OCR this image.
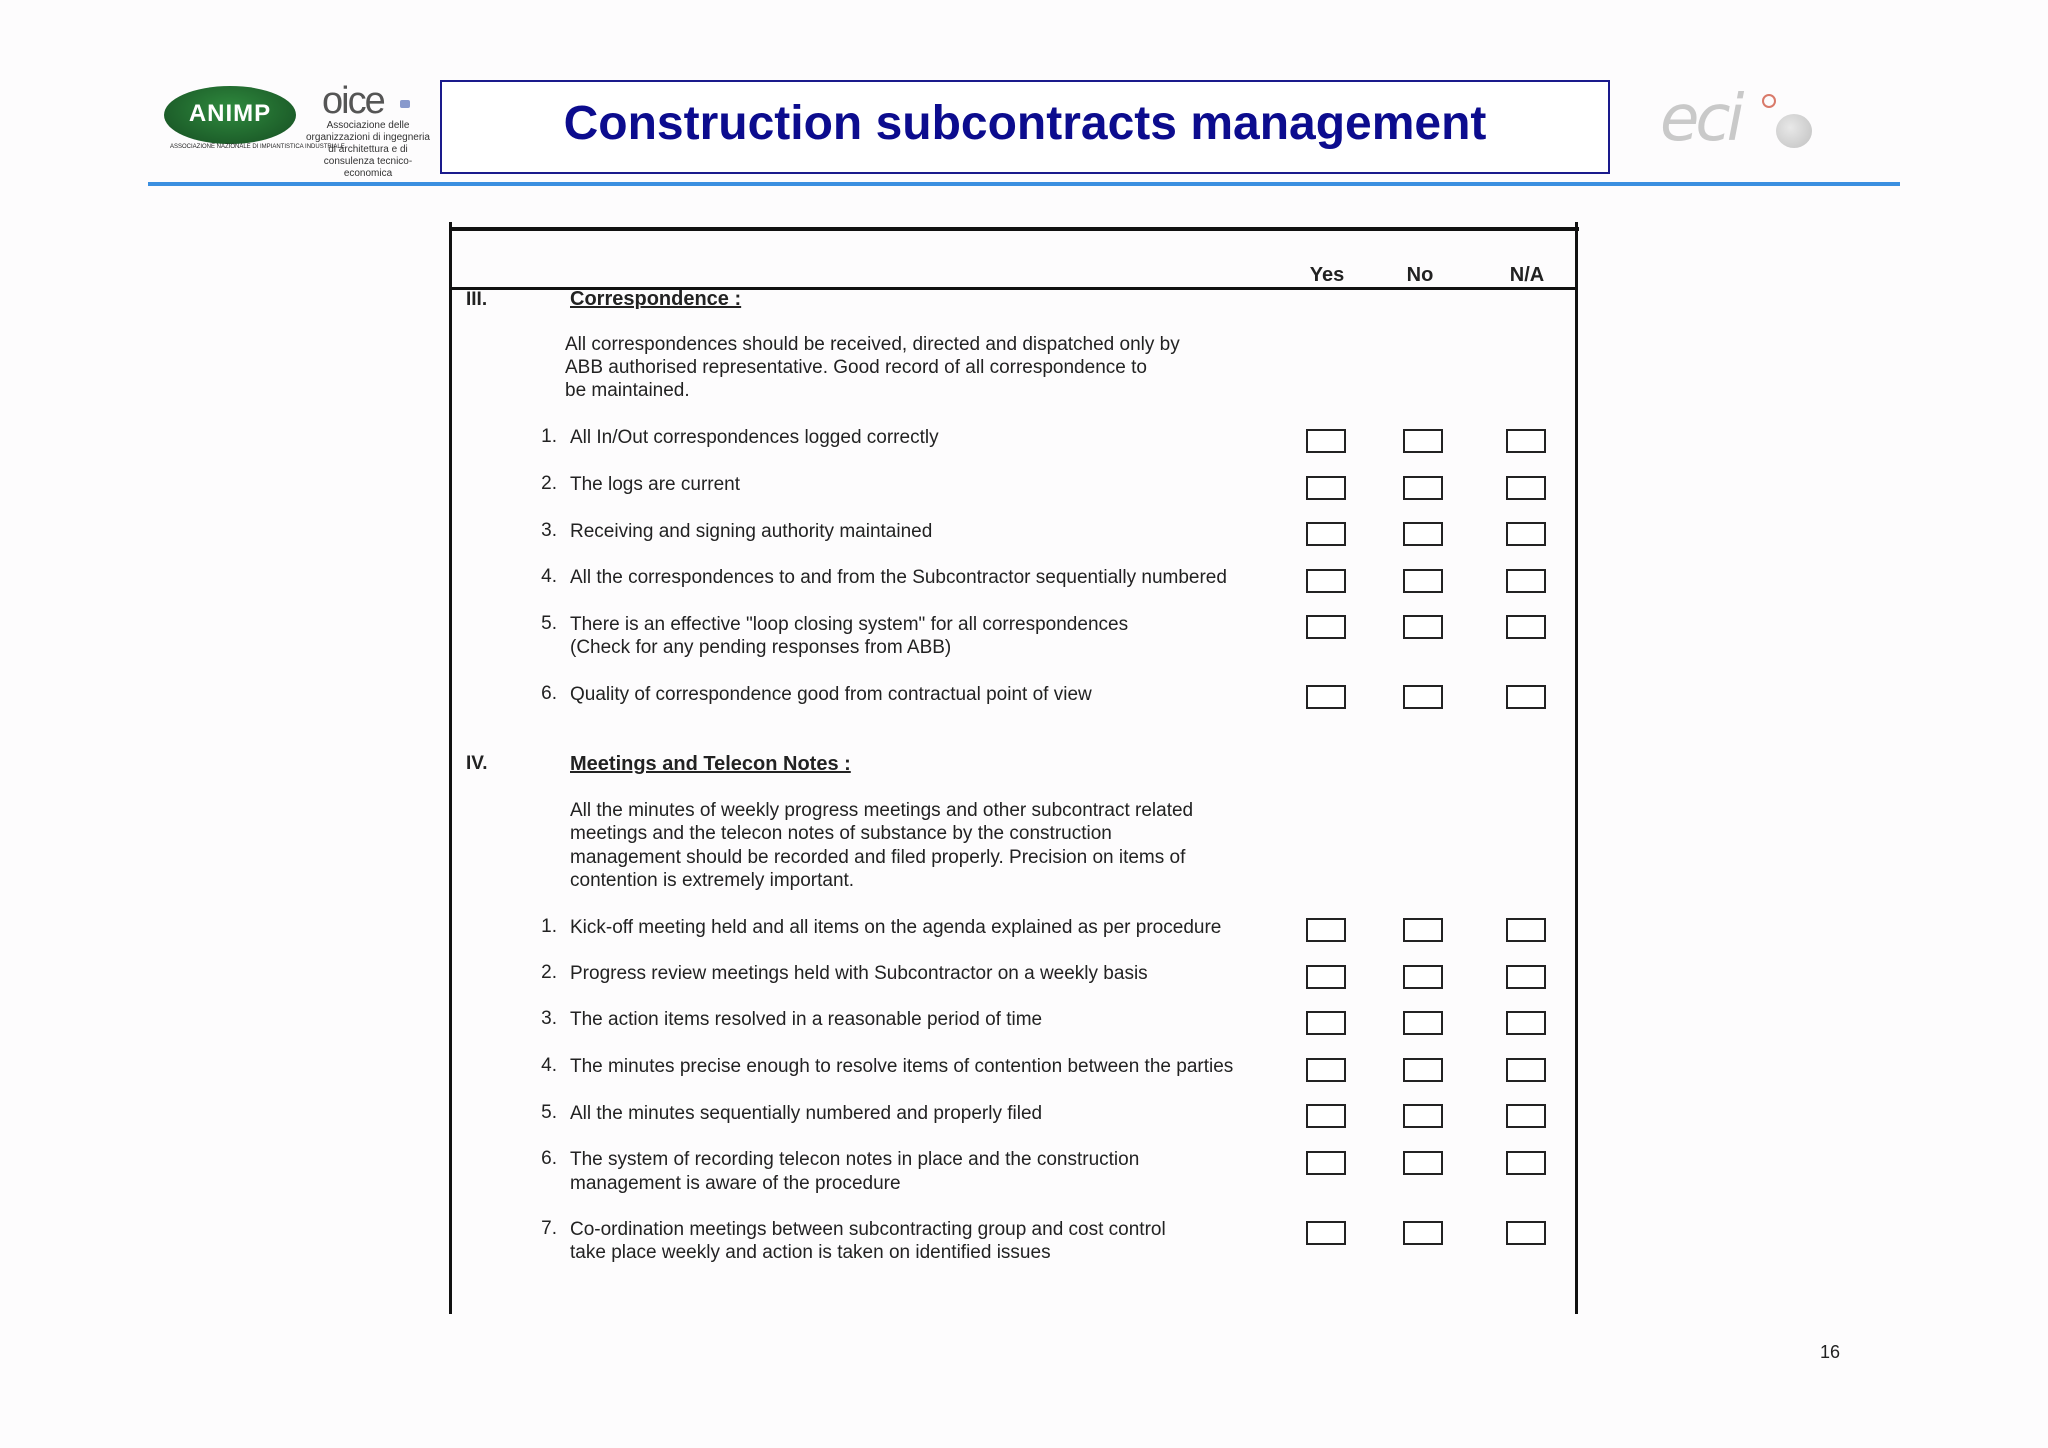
ANIMP
ASSOCIAZIONE NAZIONALE DI IMPIANTISTICA INDUSTRIALE
oice
Associazione delle organizzazioni di ingegneria di architettura e di consulenza tecnico-economica
Construction subcontracts management	eci
Yes	No	N/A
III.	Correspondence :
All correspondences should be received, directed and dispatched only by
ABB authorised representative. Good record of all correspondence to
be maintained.
1. All In/Out correspondences logged correctly
2. The logs are current
3. Receiving and signing authority maintained
4. All the correspondences to and from the Subcontractor sequentially numbered
5. There is an effective "loop closing system" for all correspondences
(Check for any pending responses from ABB)
6. Quality of correspondence good from contractual point of view
IV.	Meetings and Telecon Notes :
All the minutes of weekly progress meetings and other subcontract related
meetings and the telecon notes of substance by the construction
management should be recorded and filed properly. Precision on items of
contention is extremely important.
1. Kick-off meeting held and all items on the agenda explained as per procedure
2. Progress review meetings held with Subcontractor on a weekly basis
3. The action items resolved in a reasonable period of time
4. The minutes precise enough to resolve items of contention between the parties
5. All the minutes sequentially numbered and properly filed
6. The system of recording telecon notes in place and the construction
management is aware of the procedure
7. Co-ordination meetings between subcontracting group and cost control
take place weekly and action is taken on identified issues
16
